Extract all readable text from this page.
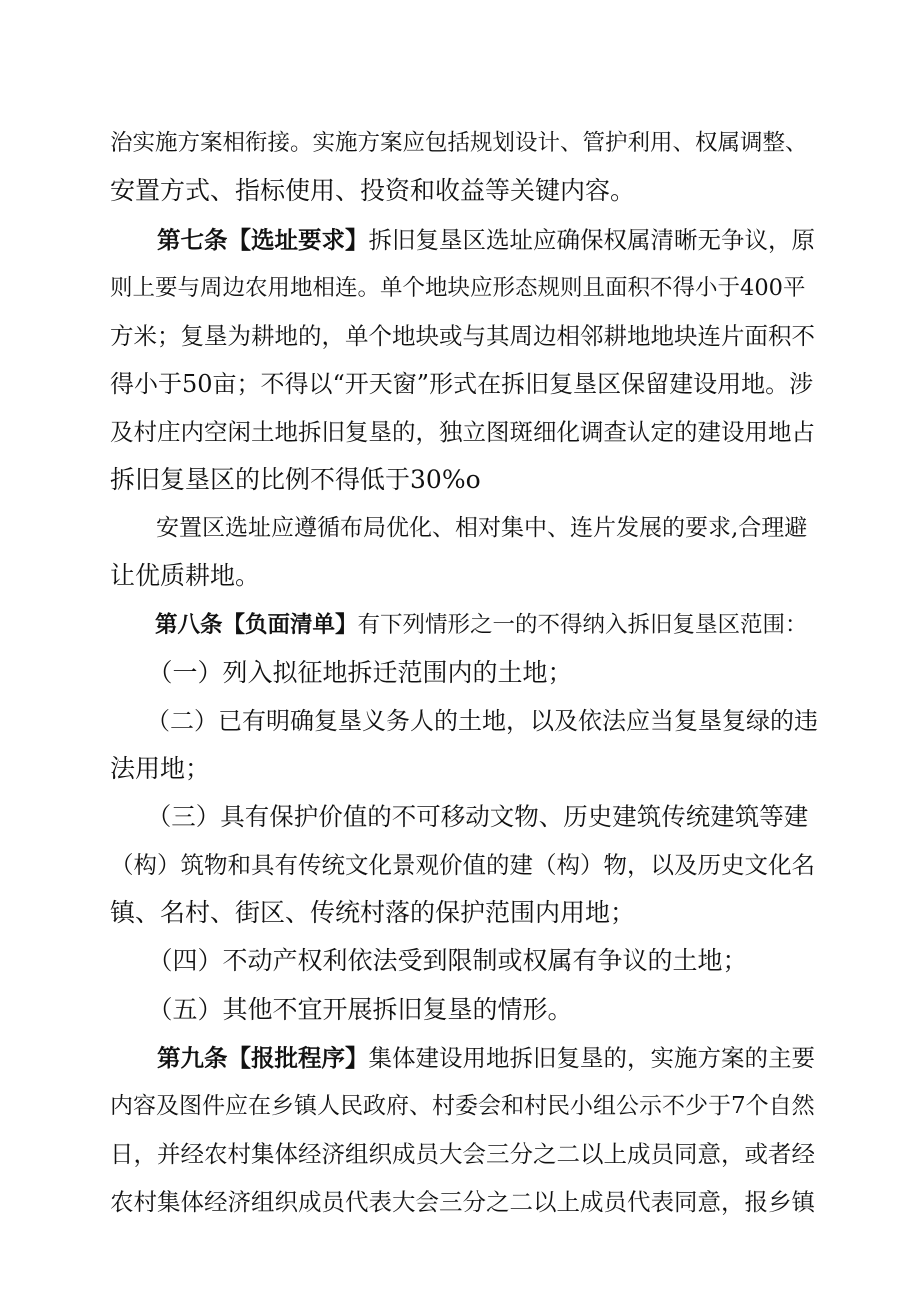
治实施方案相衔接。实施方案应包括规划设计、管护利用、权属调整、
安置方式、指标使用、投资和收益等关键内容。
　　第七条【选址要求】拆旧复垦区选址应确保权属清晰无争议，原
则上要与周边农用地相连。单个地块应形态规则且面积不得小于400平
方米；复垦为耕地的，单个地块或与其周边相邻耕地地块连片面积不
得小于50亩；不得以“开天窗”形式在拆旧复垦区保留建设用地。涉
及村庄内空闲土地拆旧复垦的，独立图斑细化调查认定的建设用地占
拆旧复垦区的比例不得低于30%o
　　安置区选址应遵循布局优化、相对集中、连片发展的要求,合理避
让优质耕地。
　　第八条【负面清单】有下列情形之一的不得纳入拆旧复垦区范围：
　　（一）列入拟征地拆迁范围内的土地；
　　（二）已有明确复垦义务人的土地，以及依法应当复垦复绿的违
法用地；
　　（三）具有保护价值的不可移动文物、历史建筑传统建筑等建
（构）筑物和具有传统文化景观价值的建（构）物，以及历史文化名
镇、名村、街区、传统村落的保护范围内用地；
　　（四）不动产权利依法受到限制或权属有争议的土地；
　　（五）其他不宜开展拆旧复垦的情形。
　　第九条【报批程序】集体建设用地拆旧复垦的，实施方案的主要
内容及图件应在乡镇人民政府、村委会和村民小组公示不少于7个自然
日，并经农村集体经济组织成员大会三分之二以上成员同意，或者经
农村集体经济组织成员代表大会三分之二以上成员代表同意，报乡镇
